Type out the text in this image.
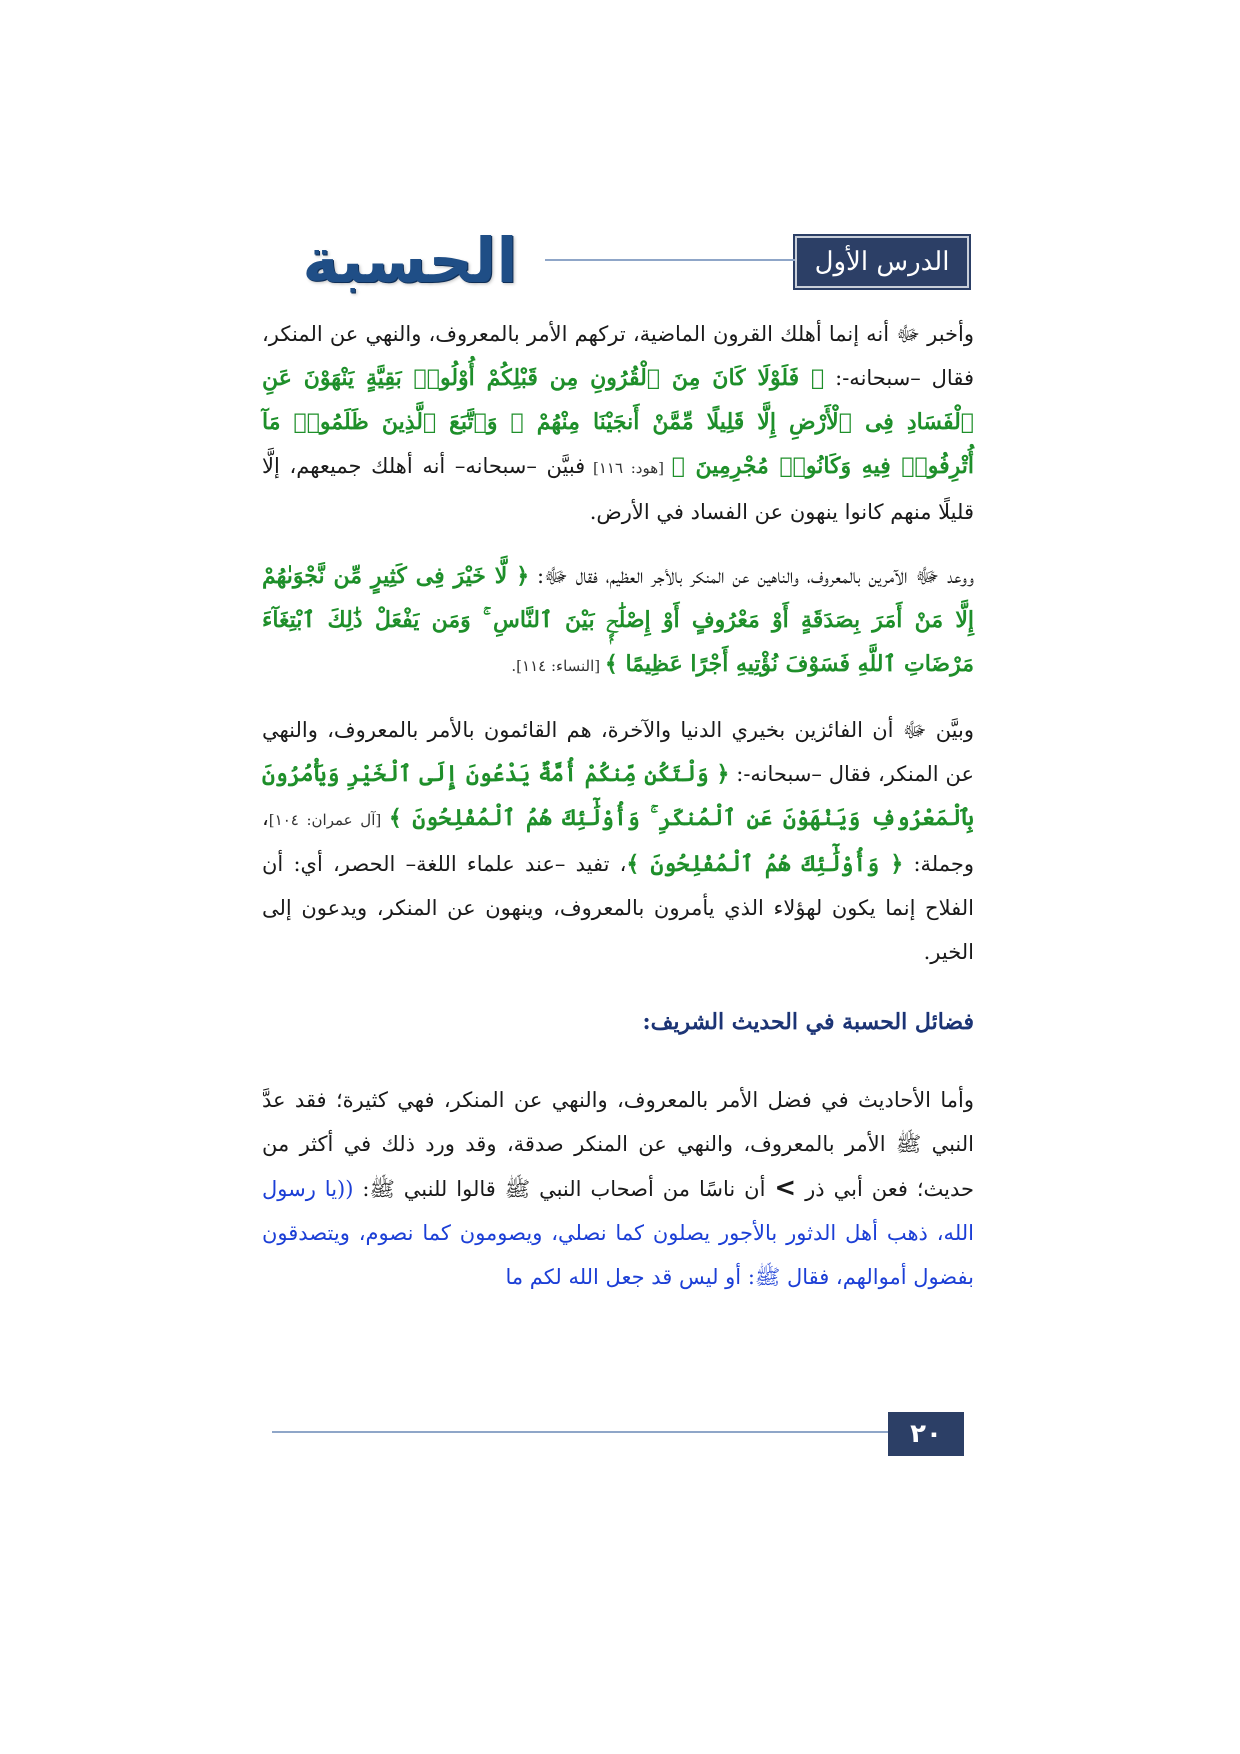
الدرس الأول
الحسبة

وأخبر ﷻ أنه إنما أهلك القرون الماضية، تركهم الأمر بالمعروف، والنهي عن المنكر، فقال –سبحانه-: ﴿ فَلَوْلَا كَانَ مِنَ ٱلْقُرُونِ مِن قَبْلِكُمْ أُوْلُوا۟ بَقِيَّةٍ يَنْهَوْنَ عَنِ ٱلْفَسَادِ فِى ٱلْأَرْضِ إِلَّا قَلِيلًا مِّمَّنْ أَنجَيْنَا مِنْهُمْ ۗ وَٱتَّبَعَ ٱلَّذِينَ ظَلَمُوا۟ مَآ أُتْرِفُوا۟ فِيهِ وَكَانُوا۟ مُجْرِمِينَ ﴾ [هود: ١١٦] فبيَّن –سبحانه– أنه أهلك جميعهم، إلَّا قليلًا منهم كانوا ينهون عن الفساد في الأرض.

ووعد ﷻ الآمرين بالمعروف، والناهين عن المنكر بالأجر العظيم، فقال ﷻ: ﴿ لَّا خَيْرَ فِى كَثِيرٍ مِّن نَّجْوَىٰهُمْ إِلَّا مَنْ أَمَرَ بِصَدَقَةٍ أَوْ مَعْرُوفٍ أَوْ إِصْلَٰحٍۭ بَيْنَ ٱلنَّاسِ ۚ وَمَن يَفْعَلْ ذَٰلِكَ ٱبْتِغَآءَ مَرْضَاتِ ٱللَّهِ فَسَوْفَ نُؤْتِيهِ أَجْرًا عَظِيمًا ﴾ [النساء: ١١٤].

وبيَّن ﷻ أن الفائزين بخيري الدنيا والآخرة، هم القائمون بالأمر بالمعروف، والنهي عن المنكر، فقال –سبحانه-: ﴿ وَلْتَكُن مِّنكُمْ أُمَّةٌ يَدْعُونَ إِلَى ٱلْخَيْرِ وَيَأْمُرُونَ بِٱلْمَعْرُوفِ وَيَنْهَوْنَ عَنِ ٱلْمُنكَرِ ۚ وَأُوْلَٰٓئِكَ هُمُ ٱلْمُفْلِحُونَ ﴾ [آل عمران: ١٠٤]، وجملة: ﴿ وَأُوْلَٰٓئِكَ هُمُ ٱلْمُفْلِحُونَ ﴾، تفيد –عند علماء اللغة– الحصر، أي: أن الفلاح إنما يكون لهؤلاء الذي يأمرون بالمعروف، وينهون عن المنكر، ويدعون إلى الخير.

فضائل الحسبة في الحديث الشريف:

وأما الأحاديث في فضل الأمر بالمعروف، والنهي عن المنكر، فهي كثيرة؛ فقد عدَّ النبي ﷺ الأمر بالمعروف، والنهي عن المنكر صدقة، وقد ورد ذلك في أكثر من حديث؛ فعن أبي ذر > أن ناسًا من أصحاب النبي ﷺ قالوا للنبي ﷺ: ((يا رسول الله، ذهب أهل الدثور بالأجور يصلون كما نصلي، ويصومون كما نصوم، ويتصدقون بفضول أموالهم، فقال ﷺ: أو ليس قد جعل الله لكم ما

٢٠
